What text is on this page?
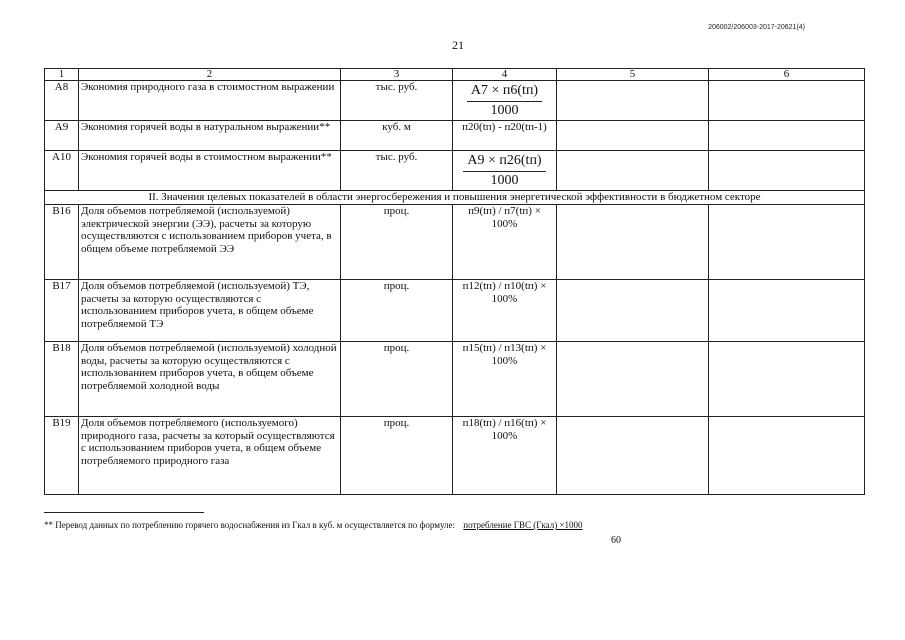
206002/206003-2017-20621(4)
21
1	2	3	4	5	6
A8	Экономия природного газа в стоимостном выражении	тыс. руб.	$\frac{А7 \times п6(tп)}{1000}$

A9	Экономия горячей воды в натуральном выражении**	куб. м	п20(tп) - п20(tп-1)		
A10	Экономия горячей воды в стоимостном выражении**	тыс. руб.	$\frac{А9 \times п26(tп)}{1000}$

II. Значения целевых показателей в области энергосбережения и повышения энергетической эффективности в бюджетном секторе					
B16	Доля объемов потребляемой (используемой) электрической энергии (ЭЭ), расчеты за которую осуществляются с использованием приборов учета, в общем объеме потребляемой ЭЭ	проц.	п9(tп) / п7(tп) × 100%		
B17	Доля объемов потребляемой (используемой) ТЭ, расчеты за которую осуществляются с использованием приборов учета, в общем объеме потребляемой ТЭ	проц.	п12(tп) / п10(tп) × 100%		
B18	Доля объемов потребляемой (используемой) холодной воды, расчеты за которую осуществляются с использованием приборов учета, в общем объеме потребляемой холодной воды	проц.	п15(tп) / п13(tп) × 100%		
B19	Доля объемов потребляемого (используемого) природного газа, расчеты за который осуществляются с использованием приборов учета, в общем объеме потребляемого природного газа	проц.	п18(tп) / п16(tп) × 100%		
** Перевод данных по потреблению горячего водоснабжения из Гкал в куб. м осуществляется по формуле: потребление ГВС (Гкал) ×1000
60
